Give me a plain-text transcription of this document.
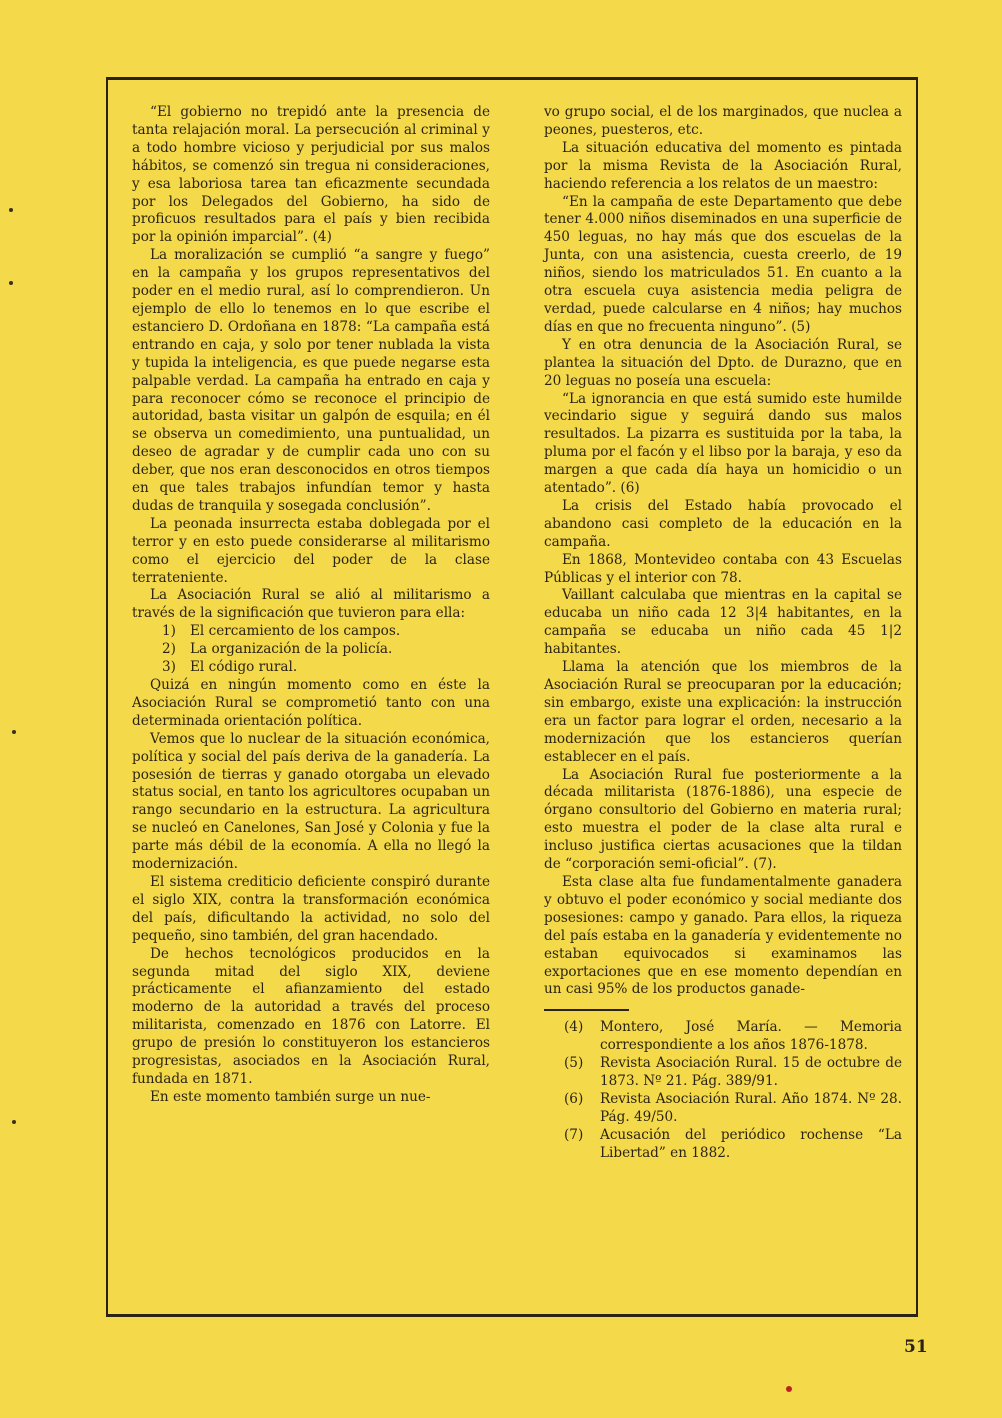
“El gobierno no trepidó ante la presencia de tanta relajación moral. La persecución al criminal y a todo hombre vicioso y perjudicial por sus malos hábitos, se comenzó sin tregua ni consideraciones, y esa laboriosa tarea tan eficazmente secundada por los Delegados del Gobierno, ha sido de proficuos resultados para el país y bien recibida por la opinión imparcial”. (4)

La moralización se cumplió “a sangre y fuego” en la campaña y los grupos representativos del poder en el medio rural, así lo comprendieron. Un ejemplo de ello lo tenemos en lo que escribe el estanciero D. Ordoñana en 1878: “La campaña está entrando en caja, y solo por tener nublada la vista y tupida la inteligencia, es que puede negarse esta palpable verdad. La campaña ha entrado en caja y para reconocer cómo se reconoce el principio de autoridad, basta visitar un galpón de esquila; en él se observa un comedimiento, una puntualidad, un deseo de agradar y de cumplir cada uno con su deber, que nos eran desconocidos en otros tiempos en que tales trabajos infundían temor y hasta dudas de tranquila y sosegada conclusión”.

La peonada insurrecta estaba doblegada por el terror y en esto puede considerarse al militarismo como el ejercicio del poder de la clase terrateniente.

La Asociación Rural se alió al militarismo a través de la significación que tuvieron para ella:

1) El cercamiento de los campos.
2) La organización de la policía.
3) El código rural.

Quizá en ningún momento como en éste la Asociación Rural se comprometió tanto con una determinada orientación política.

Vemos que lo nuclear de la situación económica, política y social del país deriva de la ganadería. La posesión de tierras y ganado otorgaba un elevado status social, en tanto los agricultores ocupaban un rango secundario en la estructura. La agricultura se nucleó en Canelones, San José y Colonia y fue la parte más débil de la economía. A ella no llegó la modernización.

El sistema crediticio deficiente conspiró durante el siglo XIX, contra la transformación económica del país, dificultando la actividad, no solo del pequeño, sino también, del gran hacendado.

De hechos tecnológicos producidos en la segunda mitad del siglo XIX, deviene prácticamente el afianzamiento del estado moderno de la autoridad a través del proceso militarista, comenzado en 1876 con Latorre. El grupo de presión lo constituyeron los estancieros progresistas, asociados en la Asociación Rural, fundada en 1871.

En este momento también surge un nue-

vo grupo social, el de los marginados, que nuclea a peones, puesteros, etc.

La situación educativa del momento es pintada por la misma Revista de la Asociación Rural, haciendo referencia a los relatos de un maestro:

“En la campaña de este Departamento que debe tener 4.000 niños diseminados en una superficie de 450 leguas, no hay más que dos escuelas de la Junta, con una asistencia, cuesta creerlo, de 19 niños, siendo los matriculados 51. En cuanto a la otra escuela cuya asistencia media peligra de verdad, puede calcularse en 4 niños; hay muchos días en que no frecuenta ninguno”. (5)

Y en otra denuncia de la Asociación Rural, se plantea la situación del Dpto. de Durazno, que en 20 leguas no poseía una escuela:

“La ignorancia en que está sumido este humilde vecindario sigue y seguirá dando sus malos resultados. La pizarra es sustituida por la taba, la pluma por el facón y el libso por la baraja, y eso da margen a que cada día haya un homicidio o un atentado”. (6)

La crisis del Estado había provocado el abandono casi completo de la educación en la campaña.

En 1868, Montevideo contaba con 43 Escuelas Públicas y el interior con 78.

Vaillant calculaba que mientras en la capital se educaba un niño cada 12 3|4 habitantes, en la campaña se educaba un niño cada 45 1|2 habitantes.

Llama la atención que los miembros de la Asociación Rural se preocuparan por la educación; sin embargo, existe una explicación: la instrucción era un factor para lograr el orden, necesario a la modernización que los estancieros querían establecer en el país.

La Asociación Rural fue posteriormente a la década militarista (1876-1886), una especie de órgano consultorio del Gobierno en materia rural; esto muestra el poder de la clase alta rural e incluso justifica ciertas acusaciones que la tildan de “corporación semi-oficial”. (7).

Esta clase alta fue fundamentalmente ganadera y obtuvo el poder económico y social mediante dos posesiones: campo y ganado. Para ellos, la riqueza del país estaba en la ganadería y evidentemente no estaban equivocados si examinamos las exportaciones que en ese momento dependían en un casi 95% de los productos ganade-

(4) Montero, José María. — Memoria correspondiente a los años 1876-1878.
(5) Revista Asociación Rural. 15 de octubre de 1873. Nº 21. Pág. 389/91.
(6) Revista Asociación Rural. Año 1874. Nº 28. Pág. 49/50.
(7) Acusación del periódico rochense “La Libertad” en 1882.
51
